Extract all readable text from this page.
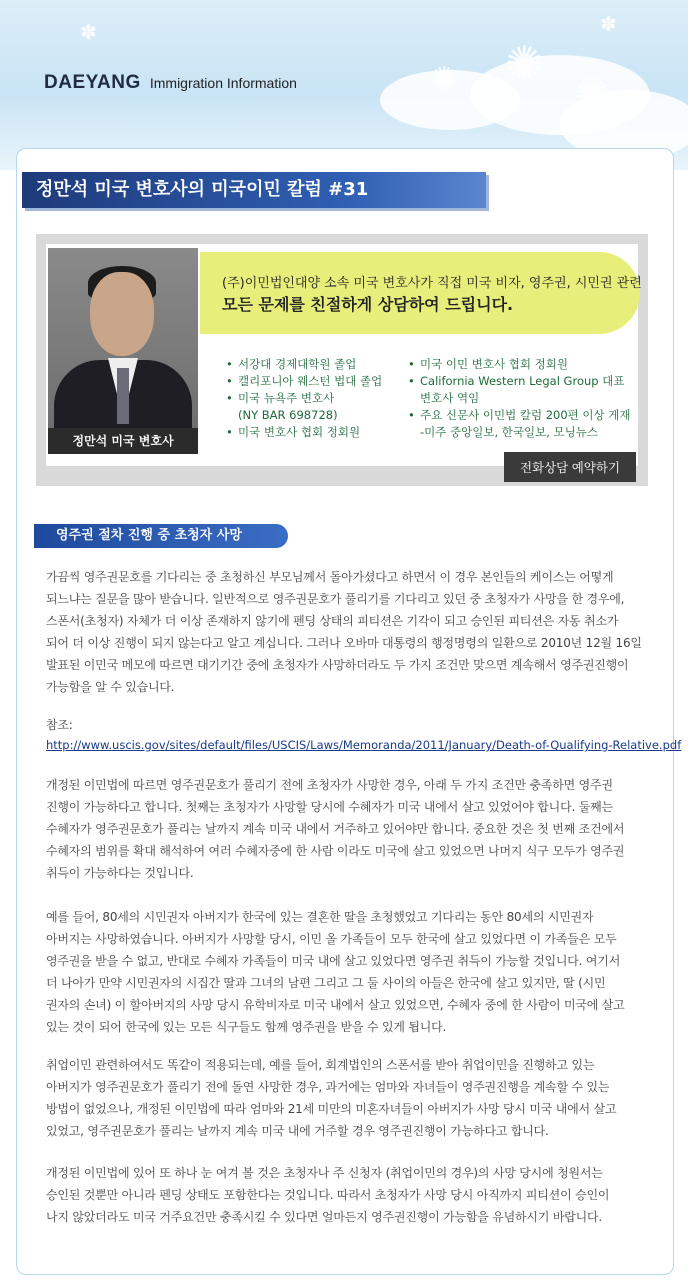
✺ ✺
✺
✽	✽
DAEYANG Immigration Information
정만석 미국 변호사의 미국이민 칼럼 #31
정만석 미국 변호사
(주)이민법인대양 소속 미국 변호사가 직접 미국 비자, 영주권, 시민권 관련
모든 문제를 친절하게 상담하여 드립니다.
• 서강대 경제대학원 졸업
• 캘리포니아 웨스턴 법대 졸업
• 미국 뉴욕주 변호사
(NY BAR 698728)
• 미국 변호사 협회 정회원
• 미국 이민 변호사 협회 정회원
• California Western Legal Group 대표
변호사 역임
• 주요 신문사 이민법 칼럼 200편 이상 게재
-미주 중앙일보, 한국일보, 모닝뉴스
전화상담 예약하기
영주권 절차 진행 중 초청자 사망
가끔씩 영주권문호를 기다리는 중 초청하신 부모님께서 돌아가셨다고 하면서 이 경우 본인들의 케이스는 어떻게
되느냐는 질문을 많아 받습니다. 일반적으로 영주권문호가 풀리기를 기다리고 있던 중 초청자가 사망을 한 경우에,
스폰서(초청자) 자체가 더 이상 존재하지 않기에 펜딩 상태의 피티션은 기각이 되고 승인된 피티션은 자동 취소가
되어 더 이상 진행이 되지 않는다고 알고 계십니다. 그러나 오바마 대통령의 행정명령의 일환으로 2010년 12월 16일
발표된 이민국 메모에 따르면 대기기간 중에 초청자가 사망하더라도 두 가지 조건만 맞으면 계속해서 영주권진행이
가능함을 알 수 있습니다.
참조:
http://www.uscis.gov/sites/default/files/USCIS/Laws/Memoranda/2011/January/Death-of-Qualifying-Relative.pdf
개정된 이민법에 따르면 영주권문호가 풀리기 전에 초청자가 사망한 경우, 아래 두 가지 조건만 충족하면 영주권
진행이 가능하다고 합니다. 첫째는 초청자가 사망할 당시에 수혜자가 미국 내에서 살고 있었어야 합니다. 둘째는
수혜자가 영주권문호가 풀리는 날까지 계속 미국 내에서 거주하고 있어야만 합니다. 중요한 것은 첫 번째 조건에서
수혜자의 범위를 확대 해석하여 여러 수혜자중에 한 사람 이라도 미국에 살고 있었으면 나머지 식구 모두가 영주권
취득이 가능하다는 것입니다.
예를 들어, 80세의 시민권자 아버지가 한국에 있는 결혼한 딸을 초청했었고 기다리는 동안 80세의 시민권자
아버지는 사망하였습니다. 아버지가 사망할 당시, 이민 올 가족들이 모두 한국에 살고 있었다면 이 가족들은 모두
영주권을 받을 수 없고, 반대로 수혜자 가족들이 미국 내에 살고 있었다면 영주권 취득이 가능할 것입니다. 여기서
더 나아가 만약 시민권자의 시집간 딸과 그녀의 남편 그리고 그 둘 사이의 아들은 한국에 살고 있지만, 딸 (시민
권자의 손녀) 이 할아버지의 사망 당시 유학비자로 미국 내에서 살고 있었으면, 수혜자 중에 한 사람이 미국에 살고
있는 것이 되어 한국에 있는 모든 식구들도 함께 영주권을 받을 수 있게 됩니다.
취업이민 관련하여서도 똑같이 적용되는데, 예를 들어, 회계법인의 스폰서를 받아 취업이민을 진행하고 있는
아버지가 영주권문호가 풀리기 전에 돌연 사망한 경우, 과거에는 엄마와 자녀들이 영주권진행을 계속할 수 있는
방법이 없었으나, 개정된 이민법에 따라 엄마와 21세 미만의 미혼자녀들이 아버지가 사망 당시 미국 내에서 살고
있었고, 영주권문호가 풀리는 날까지 계속 미국 내에 거주할 경우 영주권진행이 가능하다고 합니다.
개정된 이민법에 있어 또 하나 눈 여겨 볼 것은 초청자나 주 신청자 (취업이민의 경우)의 사망 당시에 청원서는
승인된 것뿐만 아니라 펜딩 상태도 포함한다는 것입니다. 따라서 초청자가 사망 당시 아직까지 피티션이 승인이
나지 않았더라도 미국 거주요건만 충족시킬 수 있다면 얼마든지 영주권진행이 가능함을 유념하시기 바랍니다.
